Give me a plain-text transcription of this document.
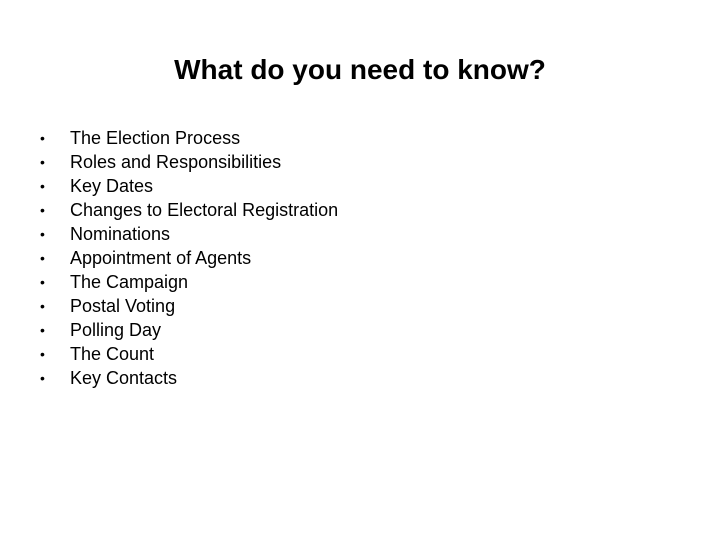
What do you need to know?
•	The Election Process
•	Roles and Responsibilities
•	Key Dates
•	Changes to Electoral Registration
•	Nominations
•	Appointment of Agents
•	The Campaign
•	Postal Voting
•	Polling Day
•	The Count
•	Key Contacts
